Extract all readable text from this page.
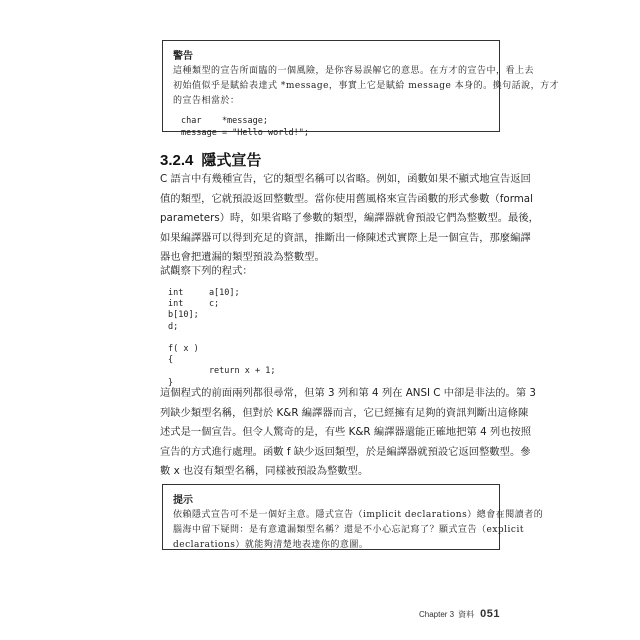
警告
這種類型的宣告所面臨的一個風險，是你容易誤解它的意思。在方才的宣告中，看上去
初始值似乎是賦給表達式 *message，事實上它是賦給 message 本身的。換句話說，方才
的宣告相當於：
char    *message;
message = "Hello world!";
3.2.4 隱式宣告
C 語言中有幾種宣告，它的類型名稱可以省略。例如，函數如果不顯式地宣告返回
值的類型，它就預設返回整數型。當你使用舊風格來宣告函數的形式參數（formal
parameters）時，如果省略了參數的類型，編譯器就會預設它們為整數型。最後，
如果編譯器可以得到充足的資訊，推斷出一條陳述式實際上是一個宣告，那麼編譯
器也會把遺漏的類型預設為整數型。
試觀察下列的程式：
int     a[10];
int     c;
b[10];
d;

f( x )
{
return x + 1;
}
這個程式的前面兩列都很尋常，但第 3 列和第 4 列在 ANSI C 中卻是非法的。第 3
列缺少類型名稱，但對於 K&R 編譯器而言，它已經擁有足夠的資訊判斷出這條陳
述式是一個宣告。但令人驚奇的是，有些 K&R 編譯器還能正確地把第 4 列也按照
宣告的方式進行處理。函數 f 缺少返回類型，於是編譯器就預設它返回整數型。參
數 x 也沒有類型名稱，同樣被預設為整數型。
提示
依賴隱式宣告可不是一個好主意。隱式宣告（implicit declarations）總會在閱讀者的
腦海中留下疑問：是有意遺漏類型名稱？還是不小心忘記寫了？顯式宣告（explicit
declarations）就能夠清楚地表達你的意圖。
Chapter 3 資料 051
